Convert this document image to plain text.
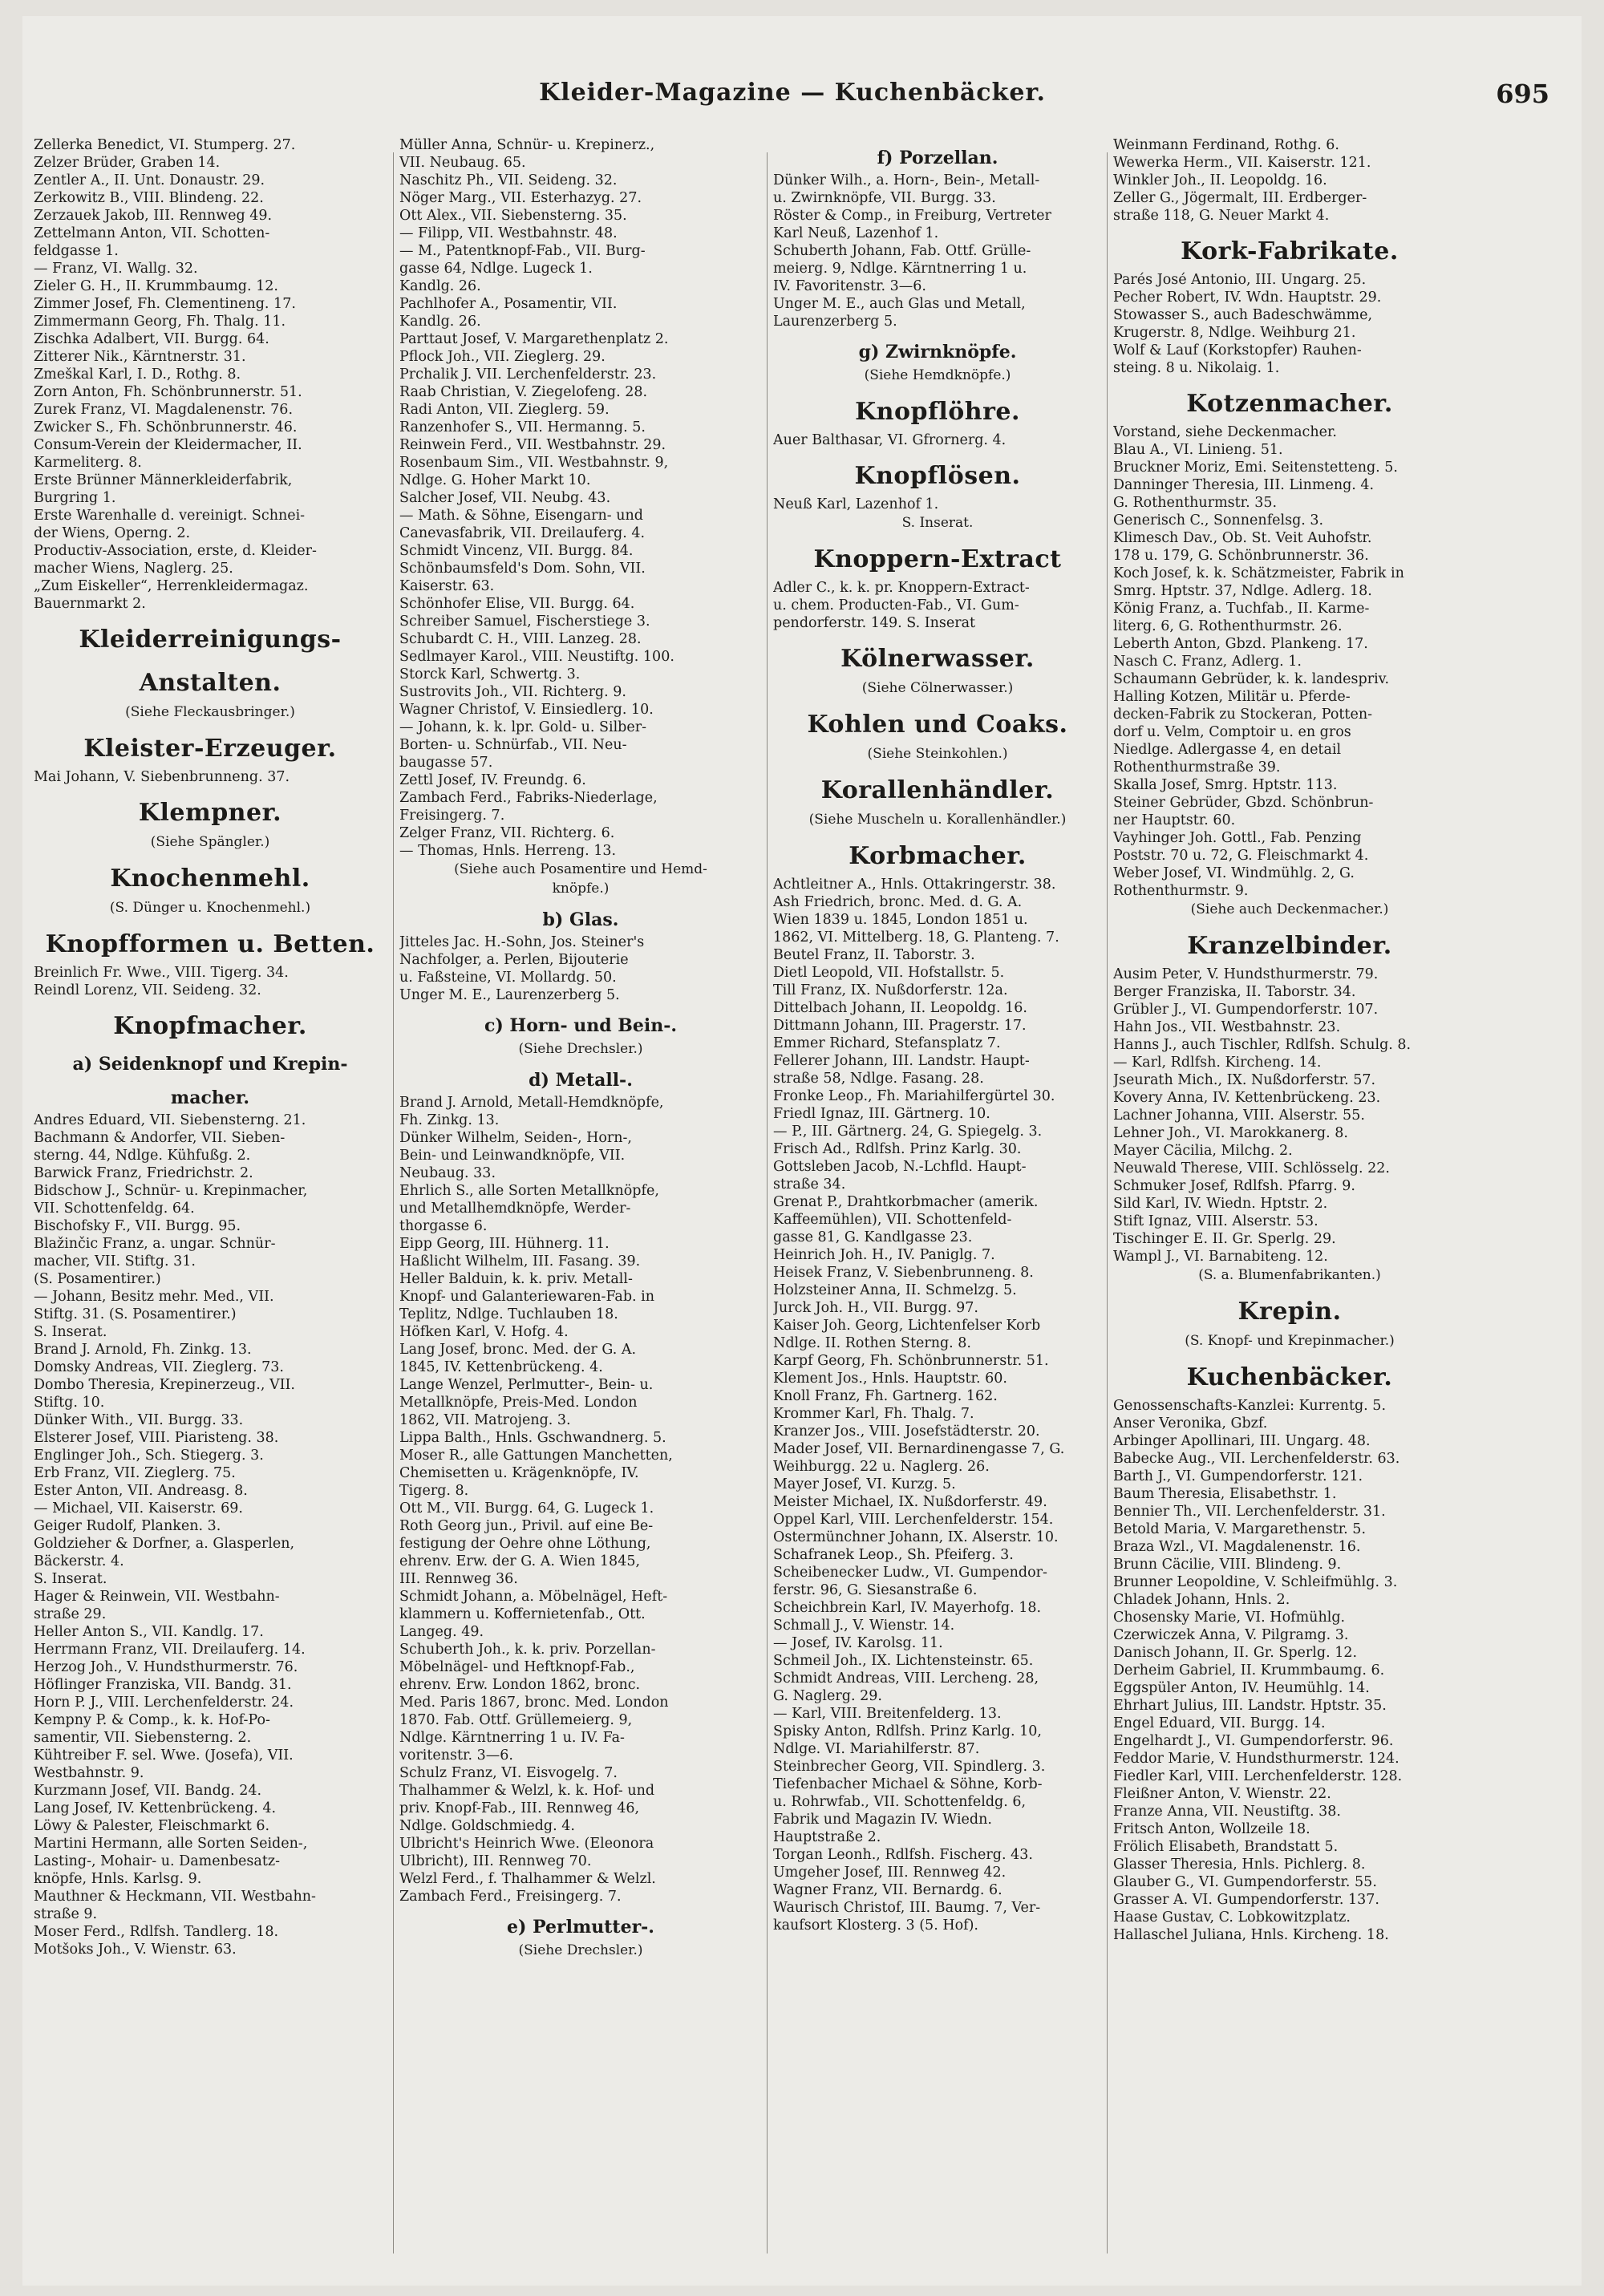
Kleider-Magazine — Kuchenbäcker.	695
Zellerka Benedict, VI. Stumperg. 27.
Zelzer Brüder, Graben 14.
Zentler A., II. Unt. Donaustr. 29.
Zerkowitz B., VIII. Blindeng. 22.
Zerzauek Jakob, III. Rennweg 49.
Zettelmann Anton, VII. Schotten-
feldgasse 1.
— Franz, VI. Wallg. 32.
Zieler G. H., II. Krummbaumg. 12.
Zimmer Josef, Fh. Clementineng. 17.
Zimmermann Georg, Fh. Thalg. 11.
Zischka Adalbert, VII. Burgg. 64.
Zitterer Nik., Kärntnerstr. 31.
Zmeškal Karl, I. D., Rothg. 8.
Zorn Anton, Fh. Schönbrunnerstr. 51.
Zurek Franz, VI. Magdalenenstr. 76.
Zwicker S., Fh. Schönbrunnerstr. 46.
Consum-Verein der Kleidermacher, II.
Karmeliterg. 8.
Erste Brünner Männerkleiderfabrik,
Burgring 1.
Erste Warenhalle d. vereinigt. Schnei-
der Wiens, Operng. 2.
Productiv-Association, erste, d. Kleider-
macher Wiens, Naglerg. 25.
„Zum Eiskeller“, Herrenkleidermagaz.
Bauernmarkt 2.
Kleiderreinigungs-
Anstalten.
(Siehe Fleckausbringer.)
Kleister-Erzeuger.
Mai Johann, V. Siebenbrunneng. 37.
Klempner.
(Siehe Spängler.)
Knochenmehl.
(S. Dünger u. Knochenmehl.)
Knopfformen u. Betten.
Breinlich Fr. Wwe., VIII. Tigerg. 34.
Reindl Lorenz, VII. Seideng. 32.
Knopfmacher.
a) Seidenknopf und Krepin-
macher.
Andres Eduard, VII. Siebensterng. 21.
Bachmann & Andorfer, VII. Sieben-
sterng. 44, Ndlge. Kühfußg. 2.
Barwick Franz, Friedrichstr. 2.
Bidschow J., Schnür- u. Krepinmacher,
VII. Schottenfeldg. 64.
Bischofsky F., VII. Burgg. 95.
Blažinčic Franz, a. ungar. Schnür-
macher, VII. Stiftg. 31.
(S. Posamentirer.)
— Johann, Besitz mehr. Med., VII.
Stiftg. 31. (S. Posamentirer.)
S. Inserat.
Brand J. Arnold, Fh. Zinkg. 13.
Domsky Andreas, VII. Zieglerg. 73.
Dombo Theresia, Krepinerzeug., VII.
Stiftg. 10.
Dünker With., VII. Burgg. 33.
Elsterer Josef, VIII. Piaristeng. 38.
Englinger Joh., Sch. Stiegerg. 3.
Erb Franz, VII. Zieglerg. 75.
Ester Anton, VII. Andreasg. 8.
— Michael, VII. Kaiserstr. 69.
Geiger Rudolf, Planken. 3.
Goldzieher & Dorfner, a. Glasperlen,
Bäckerstr. 4.
S. Inserat.
Hager & Reinwein, VII. Westbahn-
straße 29.
Heller Anton S., VII. Kandlg. 17.
Herrmann Franz, VII. Dreilauferg. 14.
Herzog Joh., V. Hundsthurmerstr. 76.
Höflinger Franziska, VII. Bandg. 31.
Horn P. J., VIII. Lerchenfelderstr. 24.
Kempny P. & Comp., k. k. Hof-Po-
samentir, VII. Siebensterng. 2.
Kühtreiber F. sel. Wwe. (Josefa), VII.
Westbahnstr. 9.
Kurzmann Josef, VII. Bandg. 24.
Lang Josef, IV. Kettenbrückeng. 4.
Löwy & Palester, Fleischmarkt 6.
Martini Hermann, alle Sorten Seiden-,
Lasting-, Mohair- u. Damenbesatz-
knöpfe, Hnls. Karlsg. 9.
Mauthner & Heckmann, VII. Westbahn-
straße 9.
Moser Ferd., Rdlfsh. Tandlerg. 18.
Motšoks Joh., V. Wienstr. 63.
Müller Anna, Schnür- u. Krepinerz.,
VII. Neubaug. 65.
Naschitz Ph., VII. Seideng. 32.
Nöger Marg., VII. Esterhazyg. 27.
Ott Alex., VII. Siebensterng. 35.
— Filipp, VII. Westbahnstr. 48.
— M., Patentknopf-Fab., VII. Burg-
gasse 64, Ndlge. Lugeck 1.
Kandlg. 26.
Pachlhofer A., Posamentir, VII.
Kandlg. 26.
Parttaut Josef, V. Margarethenplatz 2.
Pflock Joh., VII. Zieglerg. 29.
Prchalik J. VII. Lerchenfelderstr. 23.
Raab Christian, V. Ziegelofeng. 28.
Radi Anton, VII. Zieglerg. 59.
Ranzenhofer S., VII. Hermanng. 5.
Reinwein Ferd., VII. Westbahnstr. 29.
Rosenbaum Sim., VII. Westbahnstr. 9,
Ndlge. G. Hoher Markt 10.
Salcher Josef, VII. Neubg. 43.
— Math. & Söhne, Eisengarn- und
Canevasfabrik, VII. Dreilauferg. 4.
Schmidt Vincenz, VII. Burgg. 84.
Schönbaumsfeld's Dom. Sohn, VII.
Kaiserstr. 63.
Schönhofer Elise, VII. Burgg. 64.
Schreiber Samuel, Fischerstiege 3.
Schubardt C. H., VIII. Lanzeg. 28.
Sedlmayer Karol., VIII. Neustiftg. 100.
Storck Karl, Schwertg. 3.
Sustrovits Joh., VII. Richterg. 9.
Wagner Christof, V. Einsiedlerg. 10.
— Johann, k. k. lpr. Gold- u. Silber-
Borten- u. Schnürfab., VII. Neu-
baugasse 57.
Zettl Josef, IV. Freundg. 6.
Zambach Ferd., Fabriks-Niederlage,
Freisingerg. 7.
Zelger Franz, VII. Richterg. 6.
— Thomas, Hnls. Herreng. 13.
(Siehe auch Posamentire und Hemd-
knöpfe.)
b) Glas.
Jitteles Jac. H.-Sohn, Jos. Steiner's
Nachfolger, a. Perlen, Bijouterie
u. Faßsteine, VI. Mollardg. 50.
Unger M. E., Laurenzerberg 5.
c) Horn- und Bein-.
(Siehe Drechsler.)
d) Metall-.
Brand J. Arnold, Metall-Hemdknöpfe,
Fh. Zinkg. 13.
Dünker Wilhelm, Seiden-, Horn-,
Bein- und Leinwandknöpfe, VII.
Neubaug. 33.
Ehrlich S., alle Sorten Metallknöpfe,
und Metallhemdknöpfe, Werder-
thorgasse 6.
Eipp Georg, III. Hühnerg. 11.
Haßlicht Wilhelm, III. Fasang. 39.
Heller Balduin, k. k. priv. Metall-
Knopf- und Galanteriewaren-Fab. in
Teplitz, Ndlge. Tuchlauben 18.
Höfken Karl, V. Hofg. 4.
Lang Josef, bronc. Med. der G. A.
1845, IV. Kettenbrückeng. 4.
Lange Wenzel, Perlmutter-, Bein- u.
Metallknöpfe, Preis-Med. London
1862, VII. Matrojeng. 3.
Lippa Balth., Hnls. Gschwandnerg. 5.
Moser R., alle Gattungen Manchetten,
Chemisetten u. Krägenknöpfe, IV.
Tigerg. 8.
Ott M., VII. Burgg. 64, G. Lugeck 1.
Roth Georg jun., Privil. auf eine Be-
festigung der Oehre ohne Löthung,
ehrenv. Erw. der G. A. Wien 1845,
III. Rennweg 36.
Schmidt Johann, a. Möbelnägel, Heft-
klammern u. Koffernietenfab., Ott.
Langeg. 49.
Schuberth Joh., k. k. priv. Porzellan-
Möbelnägel- und Heftknopf-Fab.,
ehrenv. Erw. London 1862, bronc.
Med. Paris 1867, bronc. Med. London
1870. Fab. Ottf. Grüllemeierg. 9,
Ndlge. Kärntnerring 1 u. IV. Fa-
voritenstr. 3—6.
Schulz Franz, VI. Eisvogelg. 7.
Thalhammer & Welzl, k. k. Hof- und
priv. Knopf-Fab., III. Rennweg 46,
Ndlge. Goldschmiedg. 4.
Ulbricht's Heinrich Wwe. (Eleonora
Ulbricht), III. Rennweg 70.
Welzl Ferd., f. Thalhammer & Welzl.
Zambach Ferd., Freisingerg. 7.
e) Perlmutter-.
(Siehe Drechsler.)
f) Porzellan.
Dünker Wilh., a. Horn-, Bein-, Metall-
u. Zwirnknöpfe, VII. Burgg. 33.
Röster & Comp., in Freiburg, Vertreter
Karl Neuß, Lazenhof 1.
Schuberth Johann, Fab. Ottf. Grülle-
meierg. 9, Ndlge. Kärntnerring 1 u.
IV. Favoritenstr. 3—6.
Unger M. E., auch Glas und Metall,
Laurenzerberg 5.
g) Zwirnknöpfe.
(Siehe Hemdknöpfe.)
Knopflöhre.
Auer Balthasar, VI. Gfrornerg. 4.
Knopflösen.
Neuß Karl, Lazenhof 1.
S. Inserat.
Knoppern-Extract
Adler C., k. k. pr. Knoppern-Extract-
u. chem. Producten-Fab., VI. Gum-
pendorferstr. 149. S. Inserat
Kölnerwasser.
(Siehe Cölnerwasser.)
Kohlen und Coaks.
(Siehe Steinkohlen.)
Korallenhändler.
(Siehe Muscheln u. Korallenhändler.)
Korbmacher.
Achtleitner A., Hnls. Ottakringerstr. 38.
Ash Friedrich, bronc. Med. d. G. A.
Wien 1839 u. 1845, London 1851 u.
1862, VI. Mittelberg. 18, G. Planteng. 7.
Beutel Franz, II. Taborstr. 3.
Dietl Leopold, VII. Hofstallstr. 5.
Till Franz, IX. Nußdorferstr. 12a.
Dittelbach Johann, II. Leopoldg. 16.
Dittmann Johann, III. Pragerstr. 17.
Emmer Richard, Stefansplatz 7.
Fellerer Johann, III. Landstr. Haupt-
straße 58, Ndlge. Fasang. 28.
Fronke Leop., Fh. Mariahilfergürtel 30.
Friedl Ignaz, III. Gärtnerg. 10.
— P., III. Gärtnerg. 24, G. Spiegelg. 3.
Frisch Ad., Rdlfsh. Prinz Karlg. 30.
Gottsleben Jacob, N.-Lchfld. Haupt-
straße 34.
Grenat P., Drahtkorbmacher (amerik.
Kaffeemühlen), VII. Schottenfeld-
gasse 81, G. Kandlgasse 23.
Heinrich Joh. H., IV. Paniglg. 7.
Heisek Franz, V. Siebenbrunneng. 8.
Holzsteiner Anna, II. Schmelzg. 5.
Jurck Joh. H., VII. Burgg. 97.
Kaiser Joh. Georg, Lichtenfelser Korb
Ndlge. II. Rothen Sterng. 8.
Karpf Georg, Fh. Schönbrunnerstr. 51.
Klement Jos., Hnls. Hauptstr. 60.
Knoll Franz, Fh. Gartnerg. 162.
Krommer Karl, Fh. Thalg. 7.
Kranzer Jos., VIII. Josefstädterstr. 20.
Mader Josef, VII. Bernardinengasse 7, G.
Weihburgg. 22 u. Naglerg. 26.
Mayer Josef, VI. Kurzg. 5.
Meister Michael, IX. Nußdorferstr. 49.
Oppel Karl, VIII. Lerchenfelderstr. 154.
Ostermünchner Johann, IX. Alserstr. 10.
Schafranek Leop., Sh. Pfeiferg. 3.
Scheibenecker Ludw., VI. Gumpendor-
ferstr. 96, G. Siesanstraße 6.
Scheichbrein Karl, IV. Mayerhofg. 18.
Schmall J., V. Wienstr. 14.
— Josef, IV. Karolsg. 11.
Schmeil Joh., IX. Lichtensteinstr. 65.
Schmidt Andreas, VIII. Lercheng. 28,
G. Naglerg. 29.
— Karl, VIII. Breitenfelderg. 13.
Spisky Anton, Rdlfsh. Prinz Karlg. 10,
Ndlge. VI. Mariahilferstr. 87.
Steinbrecher Georg, VII. Spindlerg. 3.
Tiefenbacher Michael & Söhne, Korb-
u. Rohrwfab., VII. Schottenfeldg. 6,
Fabrik und Magazin IV. Wiedn.
Hauptstraße 2.
Torgan Leonh., Rdlfsh. Fischerg. 43.
Umgeher Josef, III. Rennweg 42.
Wagner Franz, VII. Bernardg. 6.
Waurisch Christof, III. Baumg. 7, Ver-
kaufsort Klosterg. 3 (5. Hof).
Weinmann Ferdinand, Rothg. 6.
Wewerka Herm., VII. Kaiserstr. 121.
Winkler Joh., II. Leopoldg. 16.
Zeller G., Jögermalt, III. Erdberger-
straße 118, G. Neuer Markt 4.
Kork-Fabrikate.
Parés José Antonio, III. Ungarg. 25.
Pecher Robert, IV. Wdn. Hauptstr. 29.
Stowasser S., auch Badeschwämme,
Krugerstr. 8, Ndlge. Weihburg 21.
Wolf & Lauf (Korkstopfer) Rauhen-
steing. 8 u. Nikolaig. 1.
Kotzenmacher.
Vorstand, siehe Deckenmacher.
Blau A., VI. Linieng. 51.
Bruckner Moriz, Emi. Seitenstetteng. 5.
Danninger Theresia, III. Linmeng. 4.
G. Rothenthurmstr. 35.
Generisch C., Sonnenfelsg. 3.
Klimesch Dav., Ob. St. Veit Auhofstr.
178 u. 179, G. Schönbrunnerstr. 36.
Koch Josef, k. k. Schätzmeister, Fabrik in
Smrg. Hptstr. 37, Ndlge. Adlerg. 18.
König Franz, a. Tuchfab., II. Karme-
literg. 6, G. Rothenthurmstr. 26.
Leberth Anton, Gbzd. Plankeng. 17.
Nasch C. Franz, Adlerg. 1.
Schaumann Gebrüder, k. k. landespriv.
Halling Kotzen, Militär u. Pferde-
decken-Fabrik zu Stockeran, Potten-
dorf u. Velm, Comptoir u. en gros
Niedlge. Adlergasse 4, en detail
Rothenthurmstraße 39.
Skalla Josef, Smrg. Hptstr. 113.
Steiner Gebrüder, Gbzd. Schönbrun-
ner Hauptstr. 60.
Vayhinger Joh. Gottl., Fab. Penzing
Poststr. 70 u. 72, G. Fleischmarkt 4.
Weber Josef, VI. Windmühlg. 2, G.
Rothenthurmstr. 9.
(Siehe auch Deckenmacher.)
Kranzelbinder.
Ausim Peter, V. Hundsthurmerstr. 79.
Berger Franziska, II. Taborstr. 34.
Grübler J., VI. Gumpendorferstr. 107.
Hahn Jos., VII. Westbahnstr. 23.
Hanns J., auch Tischler, Rdlfsh. Schulg. 8.
— Karl, Rdlfsh. Kircheng. 14.
Jseurath Mich., IX. Nußdorferstr. 57.
Kovery Anna, IV. Kettenbrückeng. 23.
Lachner Johanna, VIII. Alserstr. 55.
Lehner Joh., VI. Marokkanerg. 8.
Mayer Cäcilia, Milchg. 2.
Neuwald Therese, VIII. Schlösselg. 22.
Schmuker Josef, Rdlfsh. Pfarrg. 9.
Sild Karl, IV. Wiedn. Hptstr. 2.
Stift Ignaz, VIII. Alserstr. 53.
Tischinger E. II. Gr. Sperlg. 29.
Wampl J., VI. Barnabiteng. 12.
(S. a. Blumenfabrikanten.)
Krepin.
(S. Knopf- und Krepinmacher.)
Kuchenbäcker.
Genossenschafts-Kanzlei: Kurrentg. 5.
Anser Veronika, Gbzf.
Arbinger Apollinari, III. Ungarg. 48.
Babecke Aug., VII. Lerchenfelderstr. 63.
Barth J., VI. Gumpendorferstr. 121.
Baum Theresia, Elisabethstr. 1.
Bennier Th., VII. Lerchenfelderstr. 31.
Betold Maria, V. Margarethenstr. 5.
Braza Wzl., VI. Magdalenenstr. 16.
Brunn Cäcilie, VIII. Blindeng. 9.
Brunner Leopoldine, V. Schleifmühlg. 3.
Chladek Johann, Hnls. 2.
Chosensky Marie, VI. Hofmühlg.
Czerwiczek Anna, V. Pilgramg. 3.
Danisch Johann, II. Gr. Sperlg. 12.
Derheim Gabriel, II. Krummbaumg. 6.
Eggspüler Anton, IV. Heumühlg. 14.
Ehrhart Julius, III. Landstr. Hptstr. 35.
Engel Eduard, VII. Burgg. 14.
Engelhardt J., VI. Gumpendorferstr. 96.
Feddor Marie, V. Hundsthurmerstr. 124.
Fiedler Karl, VIII. Lerchenfelderstr. 128.
Fleißner Anton, V. Wienstr. 22.
Franze Anna, VII. Neustiftg. 38.
Fritsch Anton, Wollzeile 18.
Frölich Elisabeth, Brandstatt 5.
Glasser Theresia, Hnls. Pichlerg. 8.
Glauber G., VI. Gumpendorferstr. 55.
Grasser A. VI. Gumpendorferstr. 137.
Haase Gustav, C. Lobkowitzplatz.
Hallaschel Juliana, Hnls. Kircheng. 18.
